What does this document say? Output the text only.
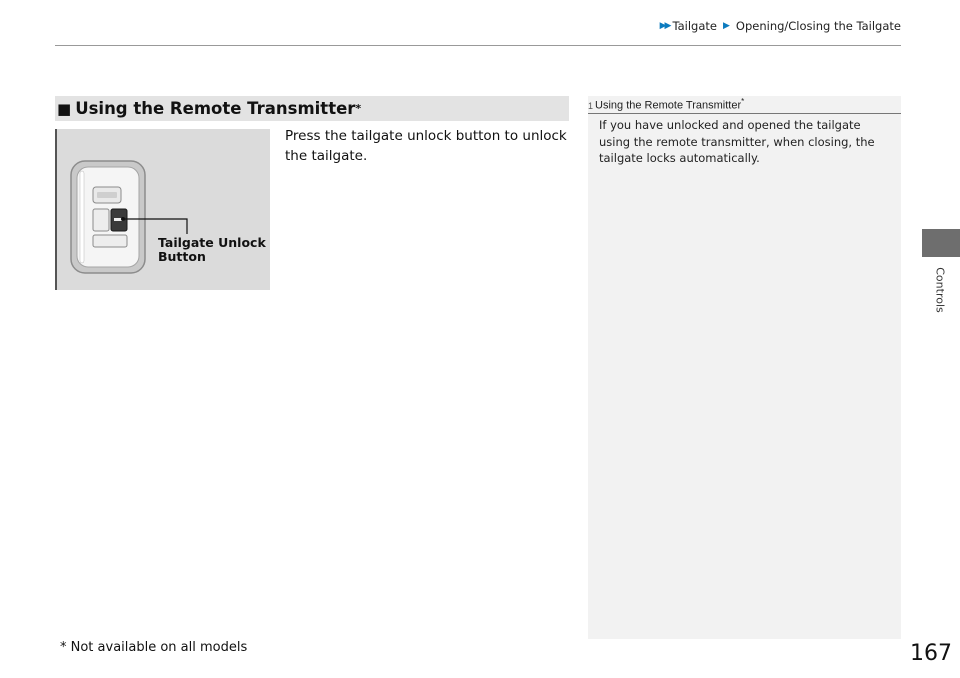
▶▶ Tailgate ▶ Opening/Closing the Tailgate
Controls
■ Using the Remote Transmitter *
Tailgate Unlock
Button
Press the tailgate unlock button to unlock the tailgate.
1 Using the Remote Transmitter*
If you have unlocked and opened the tailgate using the remote transmitter, when closing, the tailgate locks automatically.
* Not available on all models	167
